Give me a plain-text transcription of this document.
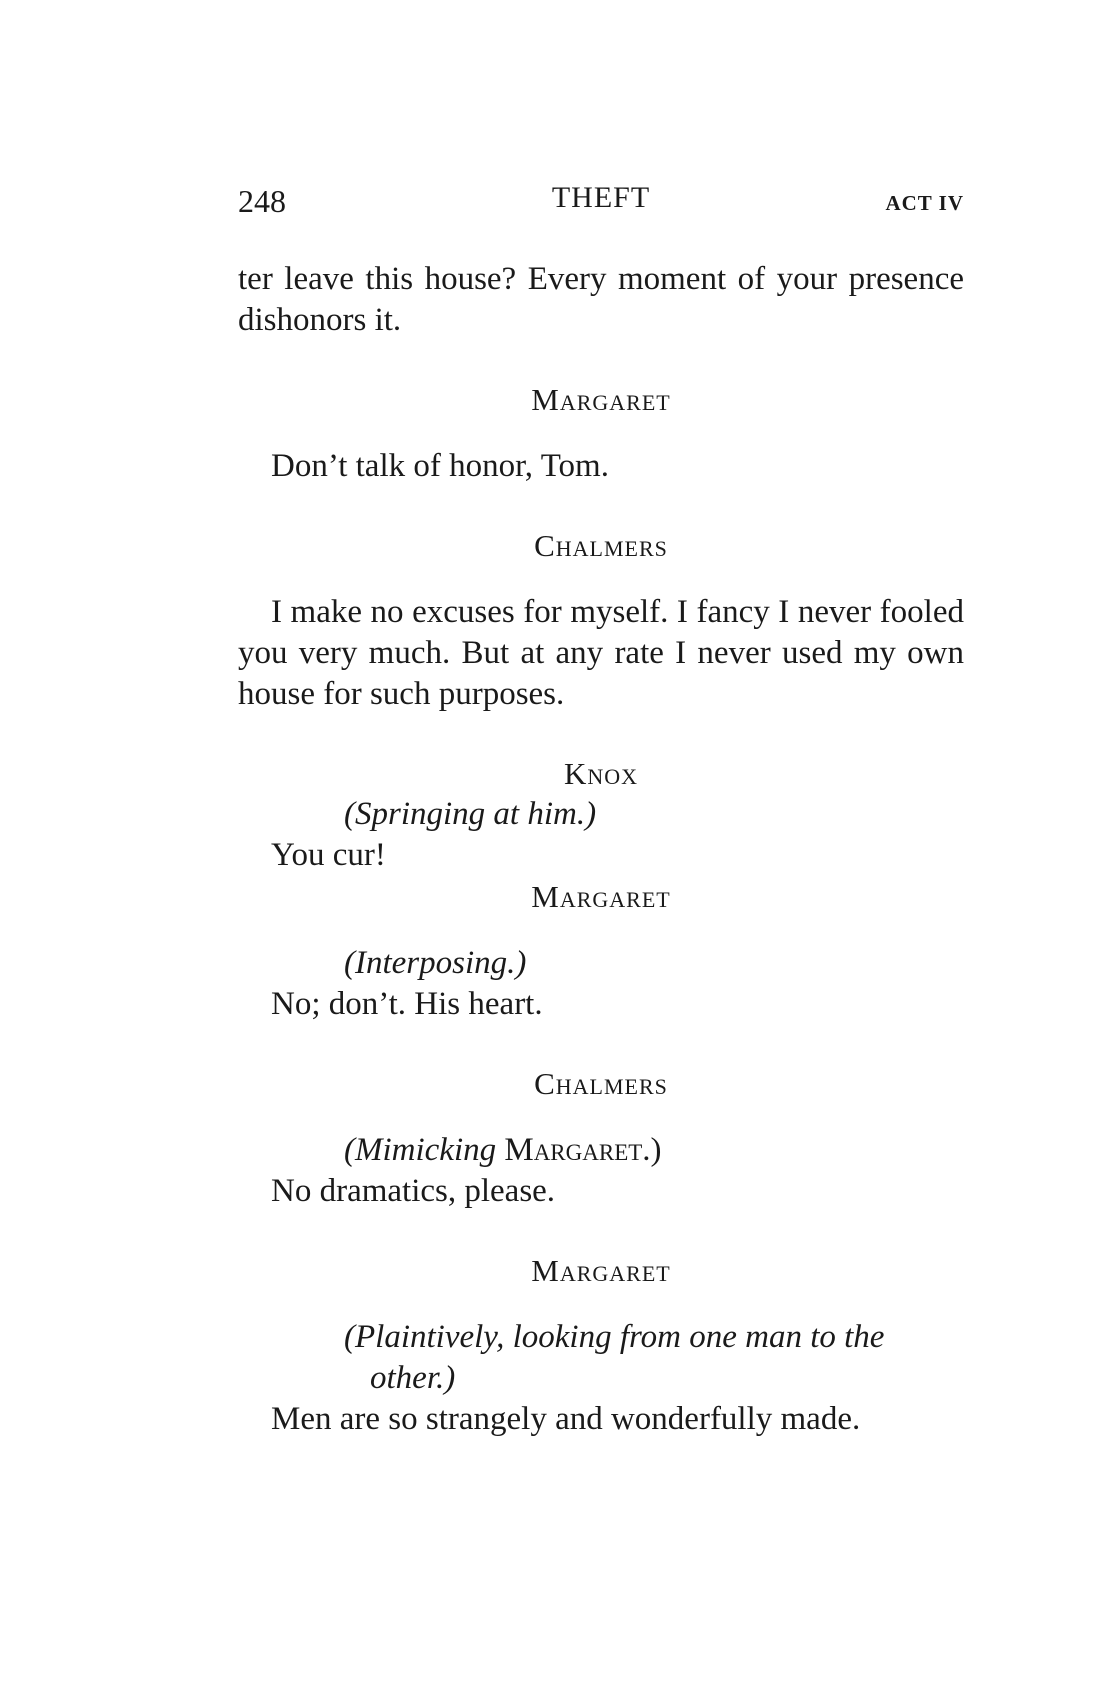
248	THEFT	ACT IV

ter leave this house? Every moment of your presence dishonors it.

Margaret

Don’t talk of honor, Tom.

Chalmers

I make no excuses for myself. I fancy I never fooled you very much. But at any rate I never used my own house for such purposes.

Knox

(Springing at him.)

You cur!

Margaret

(Interposing.)

No; don’t. His heart.

Chalmers

(Mimicking Margaret.)

No dramatics, please.

Margaret

(Plaintively, looking from one man to the other.)

Men are so strangely and wonderfully made.
